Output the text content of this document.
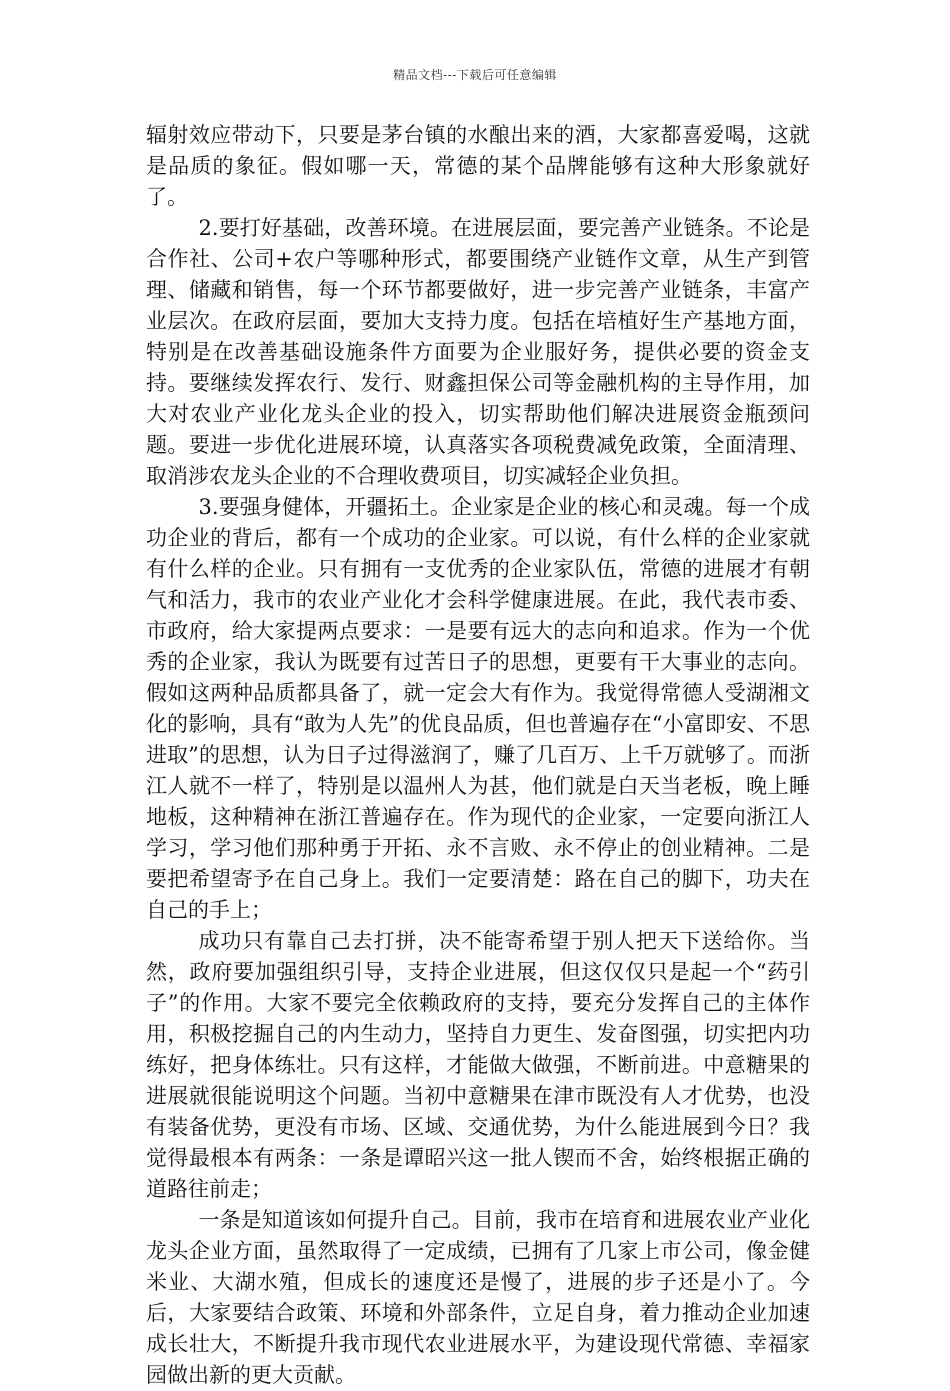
精品文档---下载后可任意编辑

辐射效应带动下，只要是茅台镇的水酿出来的酒，大家都喜爱喝，这就是品质的象征。假如哪一天，常德的某个品牌能够有这种大形象就好了。

2.要打好基础，改善环境。在进展层面，要完善产业链条。不论是合作社、公司+农户等哪种形式，都要围绕产业链作文章，从生产到管理、储藏和销售，每一个环节都要做好，进一步完善产业链条，丰富产业层次。在政府层面，要加大支持力度。包括在培植好生产基地方面，特别是在改善基础设施条件方面要为企业服好务，提供必要的资金支持。要继续发挥农行、发行、财鑫担保公司等金融机构的主导作用，加大对农业产业化龙头企业的投入，切实帮助他们解决进展资金瓶颈问题。要进一步优化进展环境，认真落实各项税费减免政策，全面清理、取消涉农龙头企业的不合理收费项目，切实减轻企业负担。

3.要强身健体，开疆拓土。企业家是企业的核心和灵魂。每一个成功企业的背后，都有一个成功的企业家。可以说，有什么样的企业家就有什么样的企业。只有拥有一支优秀的企业家队伍，常德的进展才有朝气和活力，我市的农业产业化才会科学健康进展。在此，我代表市委、市政府，给大家提两点要求：一是要有远大的志向和追求。作为一个优秀的企业家，我认为既要有过苦日子的思想，更要有干大事业的志向。假如这两种品质都具备了，就一定会大有作为。我觉得常德人受湖湘文化的影响，具有“敢为人先”的优良品质，但也普遍存在“小富即安、不思进取”的思想，认为日子过得滋润了，赚了几百万、上千万就够了。而浙江人就不一样了，特别是以温州人为甚，他们就是白天当老板，晚上睡地板，这种精神在浙江普遍存在。作为现代的企业家，一定要向浙江人学习，学习他们那种勇于开拓、永不言败、永不停止的创业精神。二是要把希望寄予在自己身上。我们一定要清楚：路在自己的脚下，功夫在自己的手上；

成功只有靠自己去打拼，决不能寄希望于别人把天下送给你。当然，政府要加强组织引导，支持企业进展，但这仅仅只是起一个“药引子”的作用。大家不要完全依赖政府的支持，要充分发挥自己的主体作用，积极挖掘自己的内生动力，坚持自力更生、发奋图强，切实把内功练好，把身体练壮。只有这样，才能做大做强，不断前进。中意糖果的进展就很能说明这个问题。当初中意糖果在津市既没有人才优势，也没有装备优势，更没有市场、区域、交通优势，为什么能进展到今日？我觉得最根本有两条：一条是谭昭兴这一批人锲而不舍，始终根据正确的道路往前走；

一条是知道该如何提升自己。目前，我市在培育和进展农业产业化龙头企业方面，虽然取得了一定成绩，已拥有了几家上市公司，像金健米业、大湖水殖，但成长的速度还是慢了，进展的步子还是小了。今后，大家要结合政策、环境和外部条件，立足自身，着力推动企业加速成长壮大，不断提升我市现代农业进展水平，为建设现代常德、幸福家园做出新的更大贡献。
